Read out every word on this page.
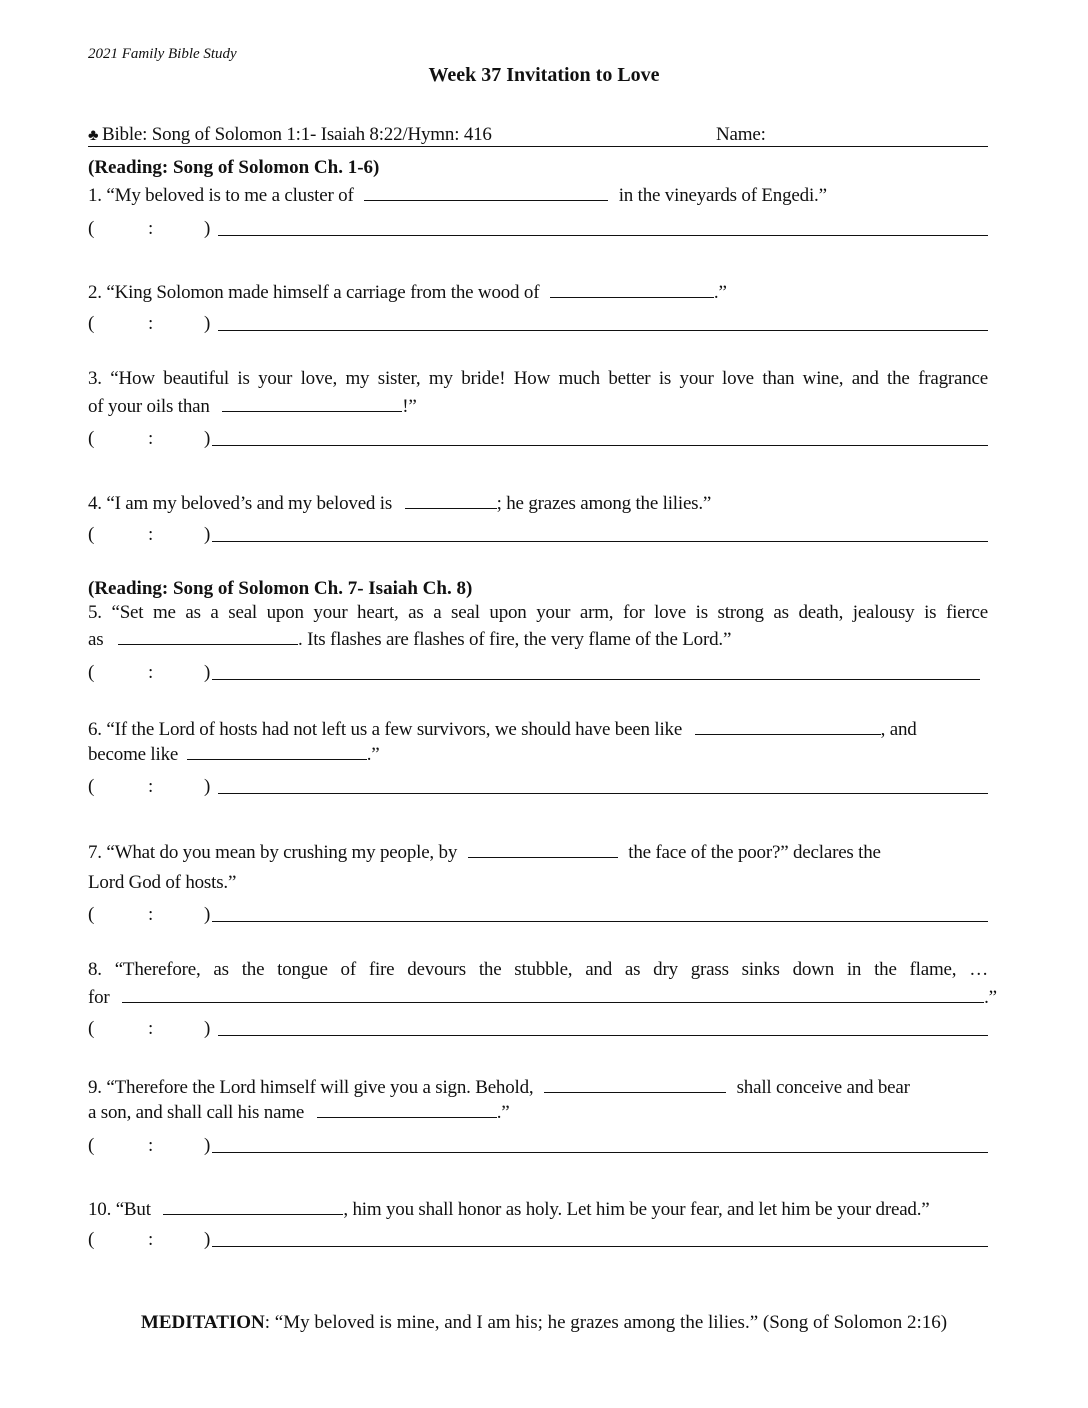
2021 Family Bible Study
Week 37 Invitation to Love
♣ Bible: Song of Solomon 1:1- Isaiah 8:22/Hymn: 416	Name:
(Reading: Song of Solomon Ch. 1-6)
1. “My beloved is to me a cluster of	in the vineyards of Engedi.”
(	:	)
2. “King Solomon made himself a carriage from the wood of	.”
(	:	)
3. “How beautiful is your love, my sister, my bride! How much better is your love than wine, and the fragrance
of your oils than	!”
(	:	)
4. “I am my beloved’s and my beloved is	; he grazes among the lilies.”
(	:	)
(Reading: Song of Solomon Ch. 7- Isaiah Ch. 8)
5. “Set me as a seal upon your heart, as a seal upon your arm, for love is strong as death, jealousy is fierce
as	. Its flashes are flashes of fire, the very flame of the Lord.”
(	:	)
6. “If the Lord of hosts had not left us a few survivors, we should have been like	, and
become like	.”
(	:	)
7. “What do you mean by crushing my people, by	the face of the poor?” declares the
Lord God of hosts.”
(	:	)
8. “Therefore, as the tongue of fire devours the stubble, and as dry grass sinks down in the flame, …
for	.”
(	:	)
9. “Therefore the Lord himself will give you a sign. Behold,	shall conceive and bear
a son, and shall call his name	.”
(	:	)
10. “But	, him you shall honor as holy. Let him be your fear, and let him be your dread.”
(	:	)
MEDITATION: “My beloved is mine, and I am his; he grazes among the lilies.” (Song of Solomon 2:16)
